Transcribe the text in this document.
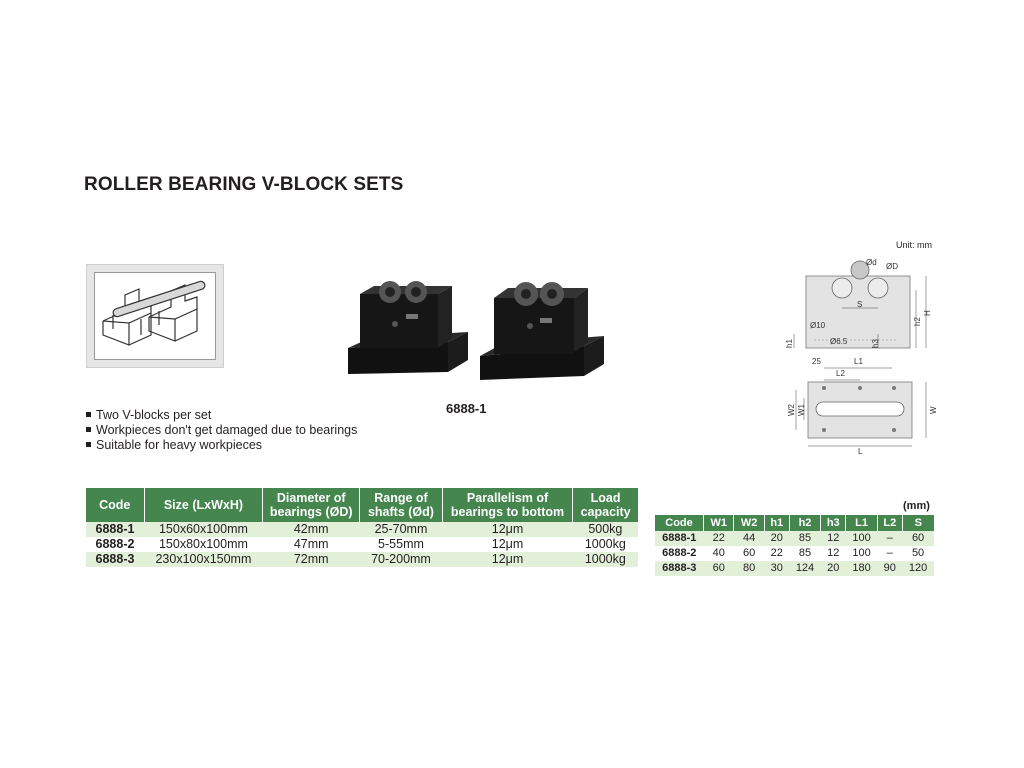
ROLLER BEARING V-BLOCK SETS
6888-1
Two V-blocks per set
Workpieces don't get damaged due to bearings
Suitable for heavy workpieces
Unit: mm
Ød ØD
S
h2
H
Ø10
h1	Ø6.5	h3
25	L1
L2
W2 W1	W
L
Code	Size (LxWxH)	Diameter of bearings (ØD)	Range of shafts (Ød)	Parallelism of bearings to bottom	Load capacity
6888-1	150x60x100mm	42mm	25-70mm	12μm	500kg
6888-2	150x80x100mm	47mm	5-55mm	12μm	1000kg
6888-3	230x100x150mm	72mm	70-200mm	12μm	1000kg
(mm)
Code	W1	W2	h1	h2	h3	L1	L2	S
6888-1	22	44	20	85	12	100	–	60
6888-2	40	60	22	85	12	100	–	50
6888-3	60	80	30	124	20	180	90	120
